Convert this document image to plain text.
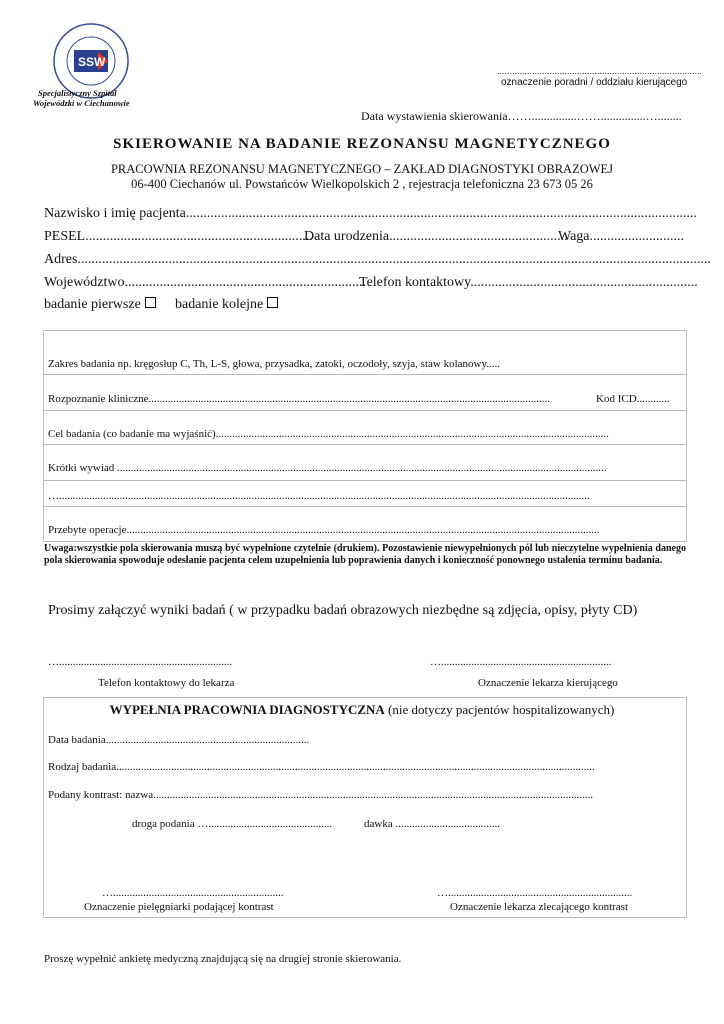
SSW
Specjalistyczny Szpital
Wojewódzki w Ciechanowie
..................................................................................
oznaczenie poradni / oddziału kierującego
Data wystawienia skierowania……...............……...............…........
SKIEROWANIE NA BADANIE REZONANSU MAGNETYCZNEGO
PRACOWNIA REZONANSU MAGNETYCZNEGO – ZAKŁAD DIAGNOSTYKI OBRAZOWEJ
06-400 Ciechanów ul. Powstańców Wielkopolskich 2 , rejestracja telefoniczna 23 673 05 26
Nazwisko i imię pacjenta..................................................................................................................................................
PESEL.................................................................
Data urodzenia...................................................
Waga...........................
Adres.....................................................................................................................................................................................
Województwo.....................................................................
Telefon kontaktowy.................................................................
badanie pierwsze	badanie kolejne
Zakres badania np. kręgosłup C, Th, L-S, głowa, przysadka, zatoki, oczodoły, szyja, staw kolanowy.....
Rozpoznanie kliniczne..................................................................................................................................................	Kod ICD............
Cel badania (co badanie ma wyjaśnić)...............................................................................................................................................
Krótki wywiad ..................................................................................................................................................................................
….................................................................................................................................................................................................
Przebyte operacje............................................................................................................................................................................
Uwaga:wszystkie pola skierowania muszą być wypełnione czytelnie (drukiem). Pozostawienie niewypełnionych pól lub nieczytelne wypełnienia danego pola skierowania spowoduje odesłanie pacjenta celem uzupełnienia lub poprawienia danych i konieczność ponownego ustalenia terminu badania.
Prosimy załączyć wyniki badań ( w przypadku badań obrazowych niezbędne są zdjęcia, opisy, płyty CD)
…...............................................................
Telefon kontaktowy do lekarza
…..............................................................
Oznaczenie lekarza kierującego
WYPEŁNIA PRACOWNIA DIAGNOSTYCZNA (nie dotyczy pacjentów hospitalizowanych)
Data badania..........................................................................
Rodzaj badania..............................................................................................................................................................................
Podany kontrast: nazwa................................................................................................................................................................
droga podania ….............................................	dawka ......................................
…..............................................................
Oznaczenie pielęgniarki podającej kontrast
…...................................................................
Oznaczenie lekarza zlecającego kontrast
Proszę wypełnić ankietę medyczną znajdującą się na drugiej stronie skierowania.
